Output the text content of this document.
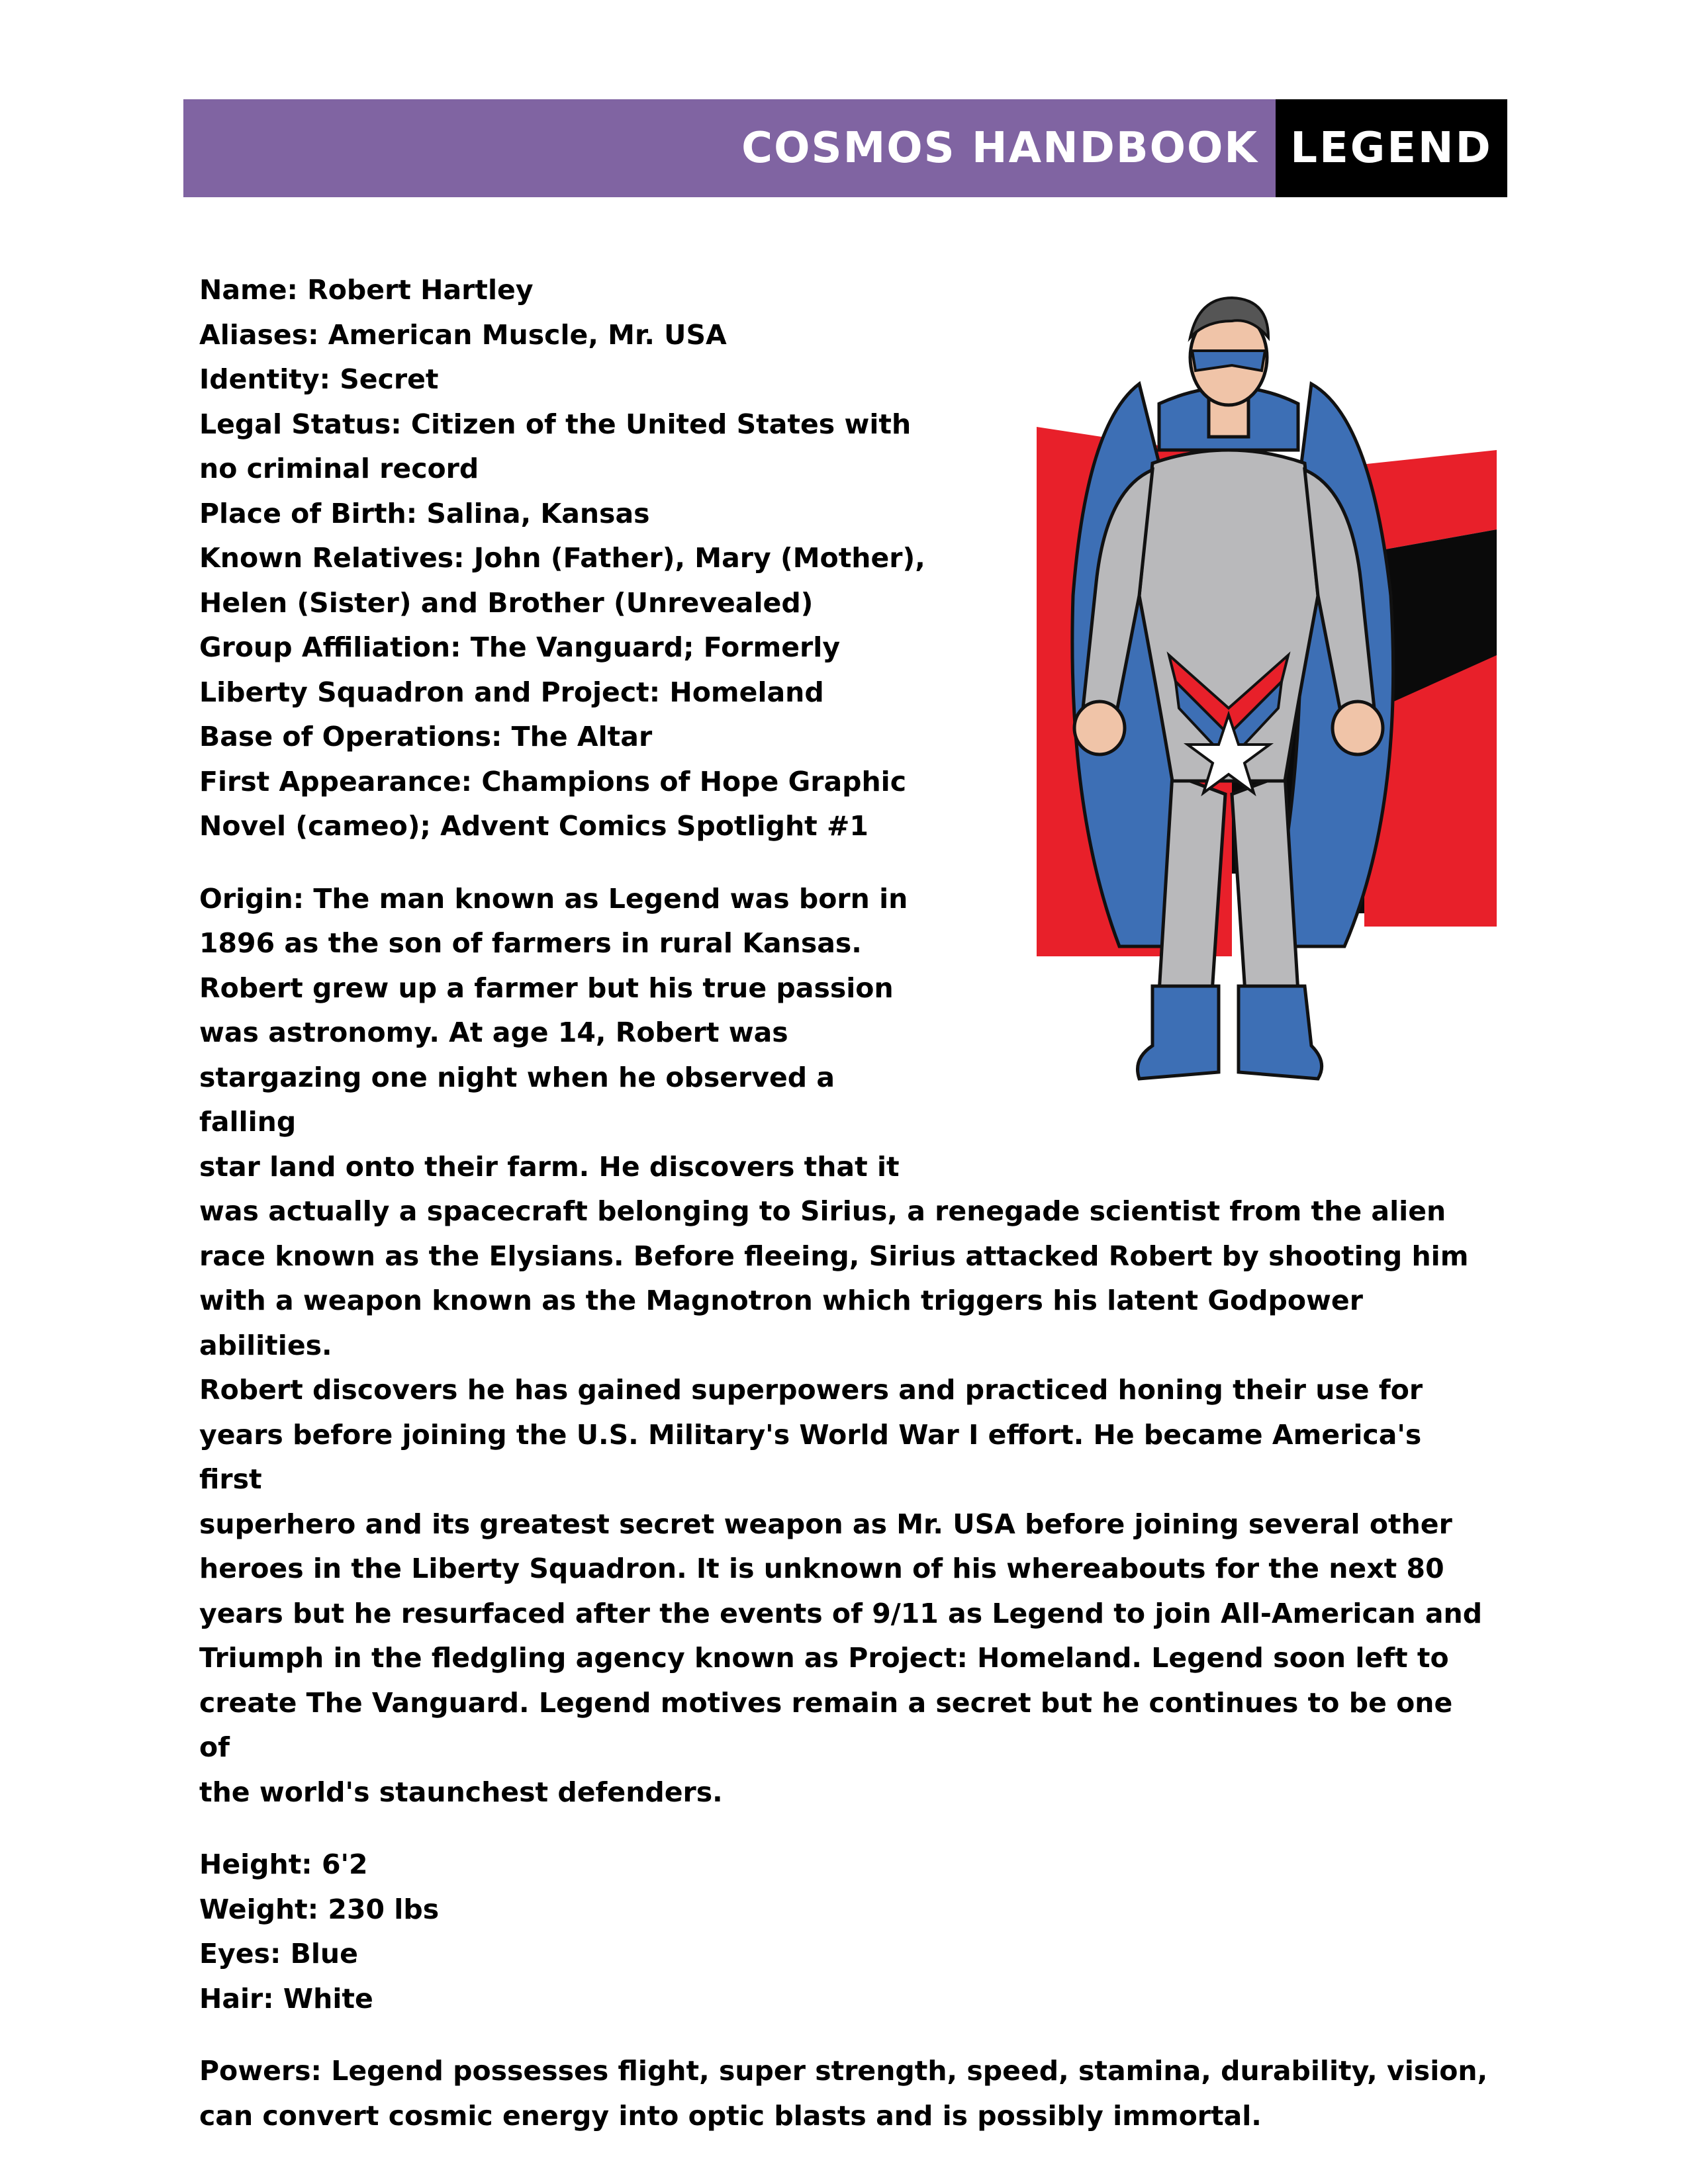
COSMOS HANDBOOK LEGEND

Name: Robert Hartley

Aliases: American Muscle, Mr. USA

Identity: Secret

Legal Status: Citizen of the United States with

no criminal record

Place of Birth: Salina, Kansas

Known Relatives: John (Father), Mary (Mother),

Helen (Sister) and Brother (Unrevealed)

Group Affiliation: The Vanguard; Formerly

Liberty Squadron and Project: Homeland

Base of Operations: The Altar

First Appearance: Champions of Hope Graphic

Novel (cameo); Advent Comics Spotlight #1

Origin: The man known as Legend was born in

1896 as the son of farmers in rural Kansas.

Robert grew up a farmer but his true passion

was astronomy. At age 14, Robert was

stargazing one night when he observed a falling

star land onto their farm. He discovers that it

was actually a spacecraft belonging to Sirius, a renegade scientist from the alien

race known as the Elysians. Before fleeing, Sirius attacked Robert by shooting him

with a weapon known as the Magnotron which triggers his latent Godpower abilities.

Robert discovers he has gained superpowers and practiced honing their use for

years before joining the U.S. Military's World War I effort. He became America's first

superhero and its greatest secret weapon as Mr. USA before joining several other

heroes in the Liberty Squadron. It is unknown of his whereabouts for the next 80

years but he resurfaced after the events of 9/11 as Legend to join All-American and

Triumph in the fledgling agency known as Project: Homeland. Legend soon left to

create The Vanguard. Legend motives remain a secret but he continues to be one of

the world's staunchest defenders.

Height: 6'2

Weight: 230 lbs

Eyes: Blue

Hair: White

Powers: Legend possesses flight, super strength, speed, stamina, durability, vision,

can convert cosmic energy into optic blasts and is possibly immortal.
